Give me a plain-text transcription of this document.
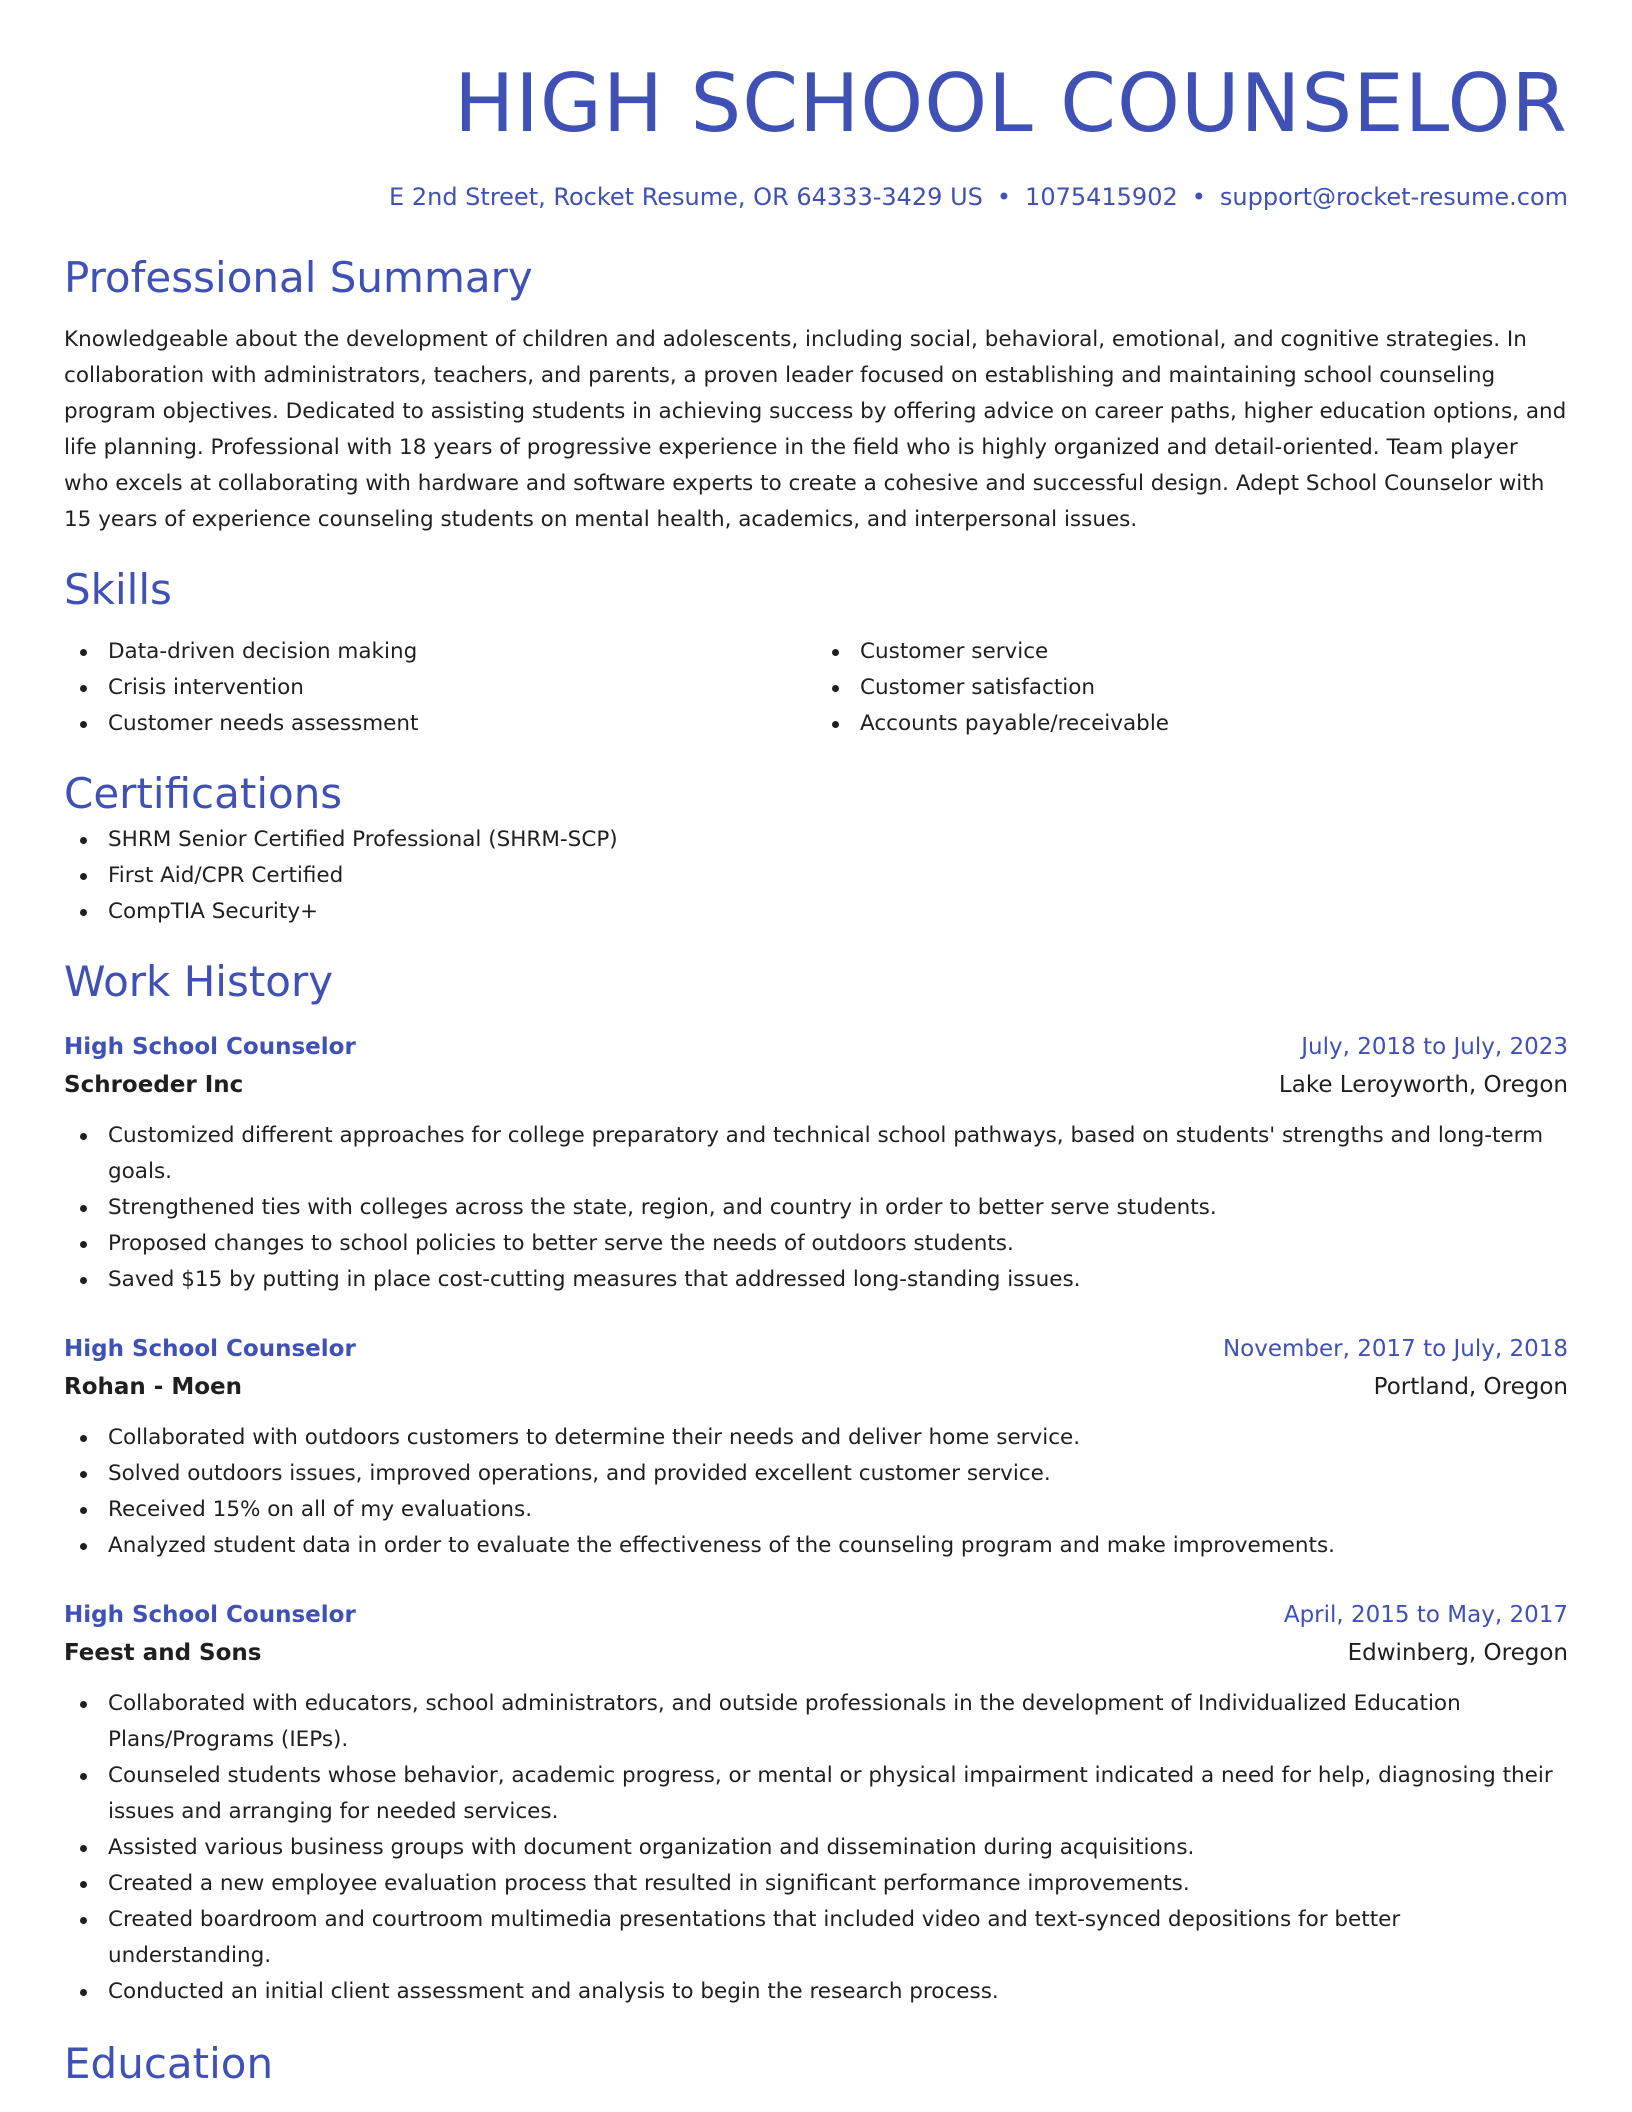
HIGH SCHOOL COUNSELOR
E 2nd Street, Rocket Resume, OR 64333-3429 US • 1075415902 • support@rocket-resume.com
Professional Summary

Knowledgeable about the development of children and adolescents, including social, behavioral, emotional, and cognitive strategies. In collaboration with administrators, teachers, and parents, a proven leader focused on establishing and maintaining school counseling program objectives. Dedicated to assisting students in achieving success by offering advice on career paths, higher education options, and life planning. Professional with 18 years of progressive experience in the field who is highly organized and detail-oriented. Team player who excels at collaborating with hardware and software experts to create a cohesive and successful design. Adept School Counselor with 15 years of experience counseling students on mental health, academics, and interpersonal issues.

Skills
Data-driven decision making
Crisis intervention
Customer needs assessment
Customer service
Customer satisfaction
Accounts payable/receivable
Certifications
SHRM Senior Certified Professional (SHRM-SCP)
First Aid/CPR Certified
CompTIA Security+
Work History
High School Counselor	July, 2018 to July, 2023
Schroeder Inc	Lake Leroyworth, Oregon
Customized different approaches for college preparatory and technical school pathways, based on students' strengths and long-term goals.
Strengthened ties with colleges across the state, region, and country in order to better serve students.
Proposed changes to school policies to better serve the needs of outdoors students.
Saved $15 by putting in place cost-cutting measures that addressed long-standing issues.
High School Counselor	November, 2017 to July, 2018
Rohan - Moen	Portland, Oregon
Collaborated with outdoors customers to determine their needs and deliver home service.
Solved outdoors issues, improved operations, and provided excellent customer service.
Received 15% on all of my evaluations.
Analyzed student data in order to evaluate the effectiveness of the counseling program and make improvements.
High School Counselor	April, 2015 to May, 2017
Feest and Sons	Edwinberg, Oregon
Collaborated with educators, school administrators, and outside professionals in the development of Individualized Education Plans/Programs (IEPs).
Counseled students whose behavior, academic progress, or mental or physical impairment indicated a need for help, diagnosing their issues and arranging for needed services.
Assisted various business groups with document organization and dissemination during acquisitions.
Created a new employee evaluation process that resulted in significant performance improvements.
Created boardroom and courtroom multimedia presentations that included video and text-synced depositions for better understanding.
Conducted an initial client assessment and analysis to begin the research process.
Education
